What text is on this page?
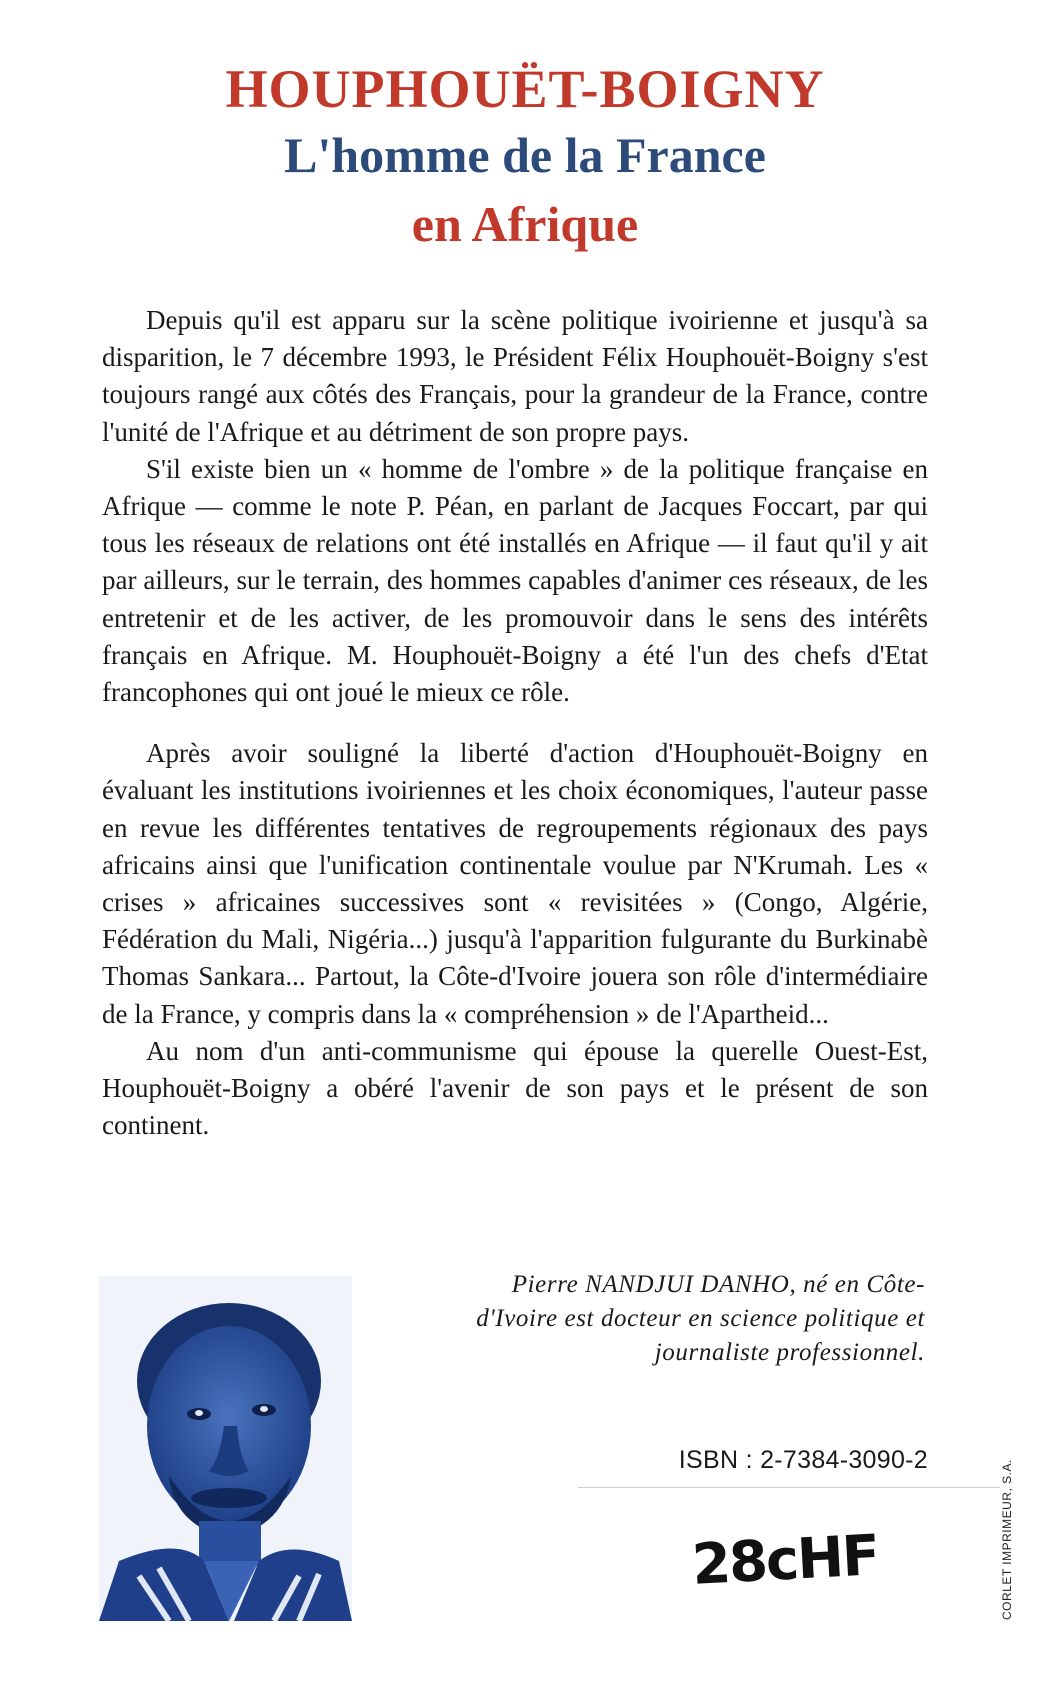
HOUPHOUËT-BOIGNY
L'homme de la France
en Afrique

Depuis qu'il est apparu sur la scène politique ivoirienne et jusqu'à sa disparition, le 7 décembre 1993, le Président Félix Houphouët-Boigny s'est toujours rangé aux côtés des Français, pour la grandeur de la France, contre l'unité de l'Afrique et au détriment de son propre pays.

S'il existe bien un « homme de l'ombre » de la politique française en Afrique — comme le note P. Péan, en parlant de Jacques Foccart, par qui tous les réseaux de relations ont été installés en Afrique — il faut qu'il y ait par ailleurs, sur le terrain, des hommes capables d'animer ces réseaux, de les entretenir et de les activer, de les promouvoir dans le sens des intérêts français en Afrique. M. Houphouët-Boigny a été l'un des chefs d'Etat francophones qui ont joué le mieux ce rôle.

Après avoir souligné la liberté d'action d'Houphouët-Boigny en évaluant les institutions ivoiriennes et les choix économiques, l'auteur passe en revue les différentes tentatives de regroupements régionaux des pays africains ainsi que l'unification continentale voulue par N'Krumah. Les « crises » africaines successives sont « revisitées » (Congo, Algérie, Fédération du Mali, Nigéria...) jusqu'à l'apparition fulgurante du Burkinabè Thomas Sankara... Partout, la Côte-d'Ivoire jouera son rôle d'intermédiaire de la France, y compris dans la « compréhension » de l'Apartheid...

Au nom d'un anti-communisme qui épouse la querelle Ouest-Est, Houphouët-Boigny a obéré l'avenir de son pays et le présent de son continent.

Pierre NANDJUI DANHO, né en Côte-d'Ivoire est docteur en science politique et journaliste professionnel.
ISBN : 2-7384-3090-2
28cHF	CORLET IMPRIMEUR, S.A.
